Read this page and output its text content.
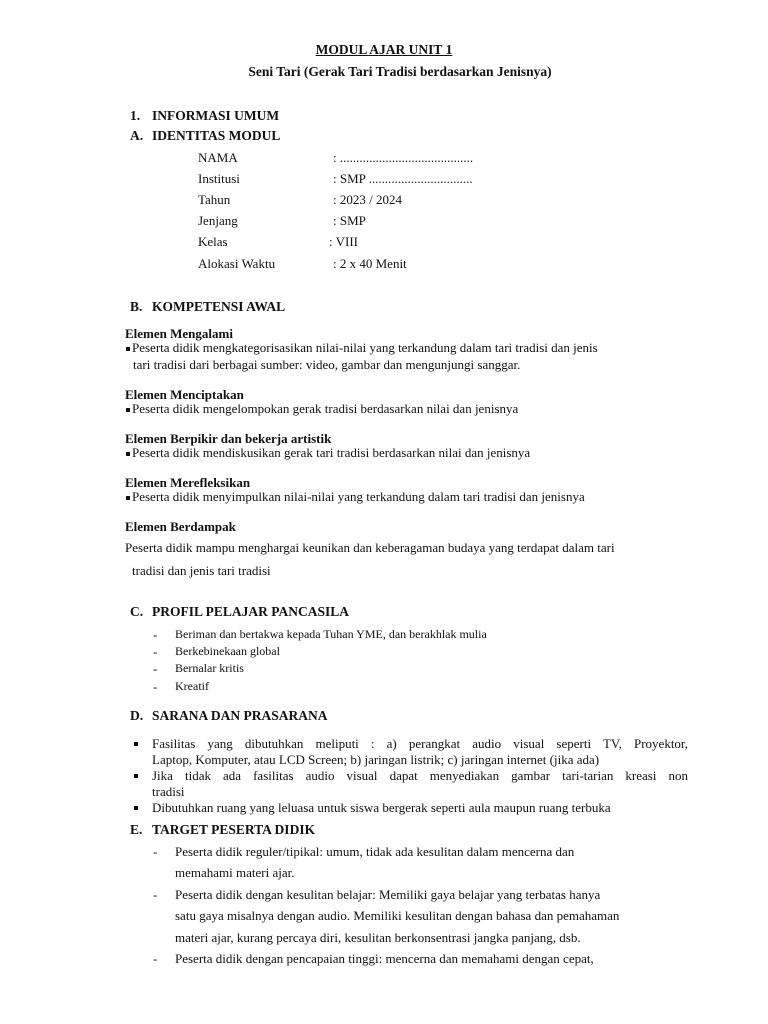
MODUL AJAR UNIT 1
Seni Tari (Gerak Tari Tradisi berdasarkan Jenisnya)
1. INFORMASI UMUM
A. IDENTITAS MODUL
NAMA	: .........................................
Institusi	: SMP ................................
Tahun	: 2023 / 2024
Jenjang	: SMP
Kelas	: VIII
Alokasi Waktu	: 2 x 40 Menit
B. KOMPETENSI AWAL
Elemen Mengalami
Peserta didik mengkategorisasikan nilai-nilai yang terkandung dalam tari tradisi dan jenis
tari tradisi dari berbagai sumber: video, gambar dan mengunjungi sanggar.
Elemen Menciptakan
Peserta didik mengelompokan gerak tradisi berdasarkan nilai dan jenisnya
Elemen Berpikir dan bekerja artistik
Peserta didik mendiskusikan gerak tari tradisi berdasarkan nilai dan jenisnya
Elemen Merefleksikan
Peserta didik menyimpulkan nilai-nilai yang terkandung dalam tari tradisi dan jenisnya
Elemen Berdampak
Peserta didik mampu menghargai keunikan dan keberagaman budaya yang terdapat dalam tari
tradisi dan jenis tari tradisi
C. PROFIL PELAJAR PANCASILA
- Beriman dan bertakwa kepada Tuhan YME, dan berakhlak mulia
- Berkebinekaan global
- Bernalar kritis
- Kreatif
D. SARANA DAN PRASARANA
Fasilitas yang dibutuhkan meliputi : a) perangkat audio visual seperti TV, Proyektor,
Laptop, Komputer, atau LCD Screen; b) jaringan listrik; c) jaringan internet (jika ada)
Jika tidak ada fasilitas audio visual dapat menyediakan gambar tari-tarian kreasi non
tradisi
Dibutuhkan ruang yang leluasa untuk siswa bergerak seperti aula maupun ruang terbuka
E. TARGET PESERTA DIDIK
- Peserta didik reguler/tipikal: umum, tidak ada kesulitan dalam mencerna dan
memahami materi ajar.
- Peserta didik dengan kesulitan belajar: Memiliki gaya belajar yang terbatas hanya
satu gaya misalnya dengan audio. Memiliki kesulitan dengan bahasa dan pemahaman
materi ajar, kurang percaya diri, kesulitan berkonsentrasi jangka panjang, dsb.
- Peserta didik dengan pencapaian tinggi: mencerna dan memahami dengan cepat,
